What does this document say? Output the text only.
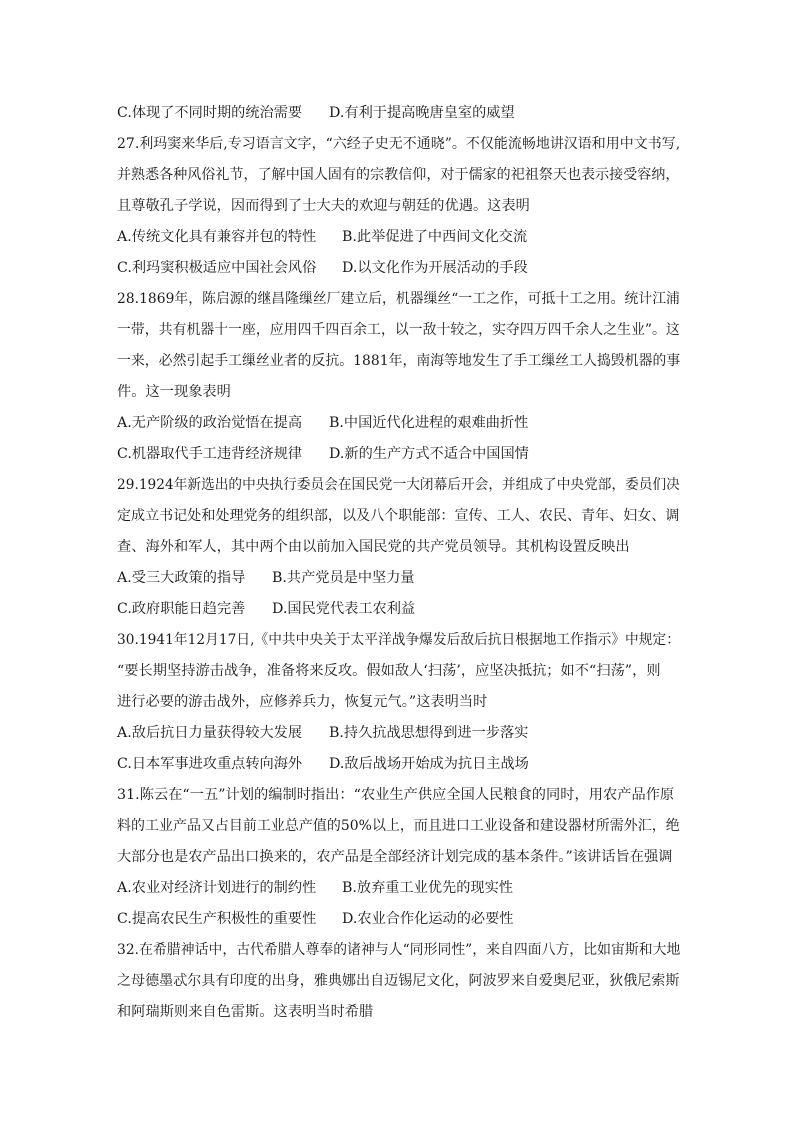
C.体现了不同时期的统治需要 D.有利于提高晚唐皇室的威望
27.利玛窦来华后,专习语言文字，“六经子史无不通晓”。不仅能流畅地讲汉语和用中文书写,
并熟悉各种风俗礼节，了解中国人固有的宗教信仰，对于儒家的祀祖祭天也表示接受容纳，
且尊敬孔子学说，因而得到了士大夫的欢迎与朝廷的优遇。这表明
A.传统文化具有兼容并包的特性 B.此举促进了中西间文化交流
C.利玛窦积极适应中国社会风俗 D.以文化作为开展活动的手段
28.1869年，陈启源的继昌隆缫丝厂建立后，机器缫丝“一工之作，可抵十工之用。统计江浦
一带，共有机器十一座，应用四千四百余工，以一敌十较之，实夺四万四千余人之生业”。这
一来，必然引起手工缫丝业者的反抗。1881年，南海等地发生了手工缫丝工人捣毁机器的事
件。这一现象表明
A.无产阶级的政治觉悟在提高 B.中国近代化进程的艰难曲折性
C.机器取代手工违背经济规律 D.新的生产方式不适合中国国情
29.1924年新选出的中央执行委员会在国民党一大闭幕后开会，并组成了中央党部，委员们决
定成立书记处和处理党务的组织部，以及八个职能部：宣传、工人、农民、青年、妇女、调
查、海外和军人，其中两个由以前加入国民党的共产党员领导。其机构设置反映出
A.受三大政策的指导 B.共产党员是中坚力量
C.政府职能日趋完善 D.国民党代表工农利益
30.1941年12月17日,《中共中央关于太平洋战争爆发后敌后抗日根据地工作指示》中规定：
“要长期坚持游击战争，准备将来反攻。假如敌人‘扫荡’，应坚决抵抗；如不“扫荡”，则
进行必要的游击战外，应修养兵力，恢复元气。”这表明当时
A.敌后抗日力量获得较大发展 B.持久抗战思想得到进一步落实
C.日本军事进攻重点转向海外 D.敌后战场开始成为抗日主战场
31.陈云在“一五”计划的编制时指出：“农业生产供应全国人民粮食的同时，用农产品作原
料的工业产品又占目前工业总产值的50%以上，而且进口工业设备和建设器材所需外汇，绝
大部分也是农产品出口换来的，农产品是全部经济计划完成的基本条件。”该讲话旨在强调
A.农业对经济计划进行的制约性 B.放弃重工业优先的现实性
C.提高农民生产积极性的重要性 D.农业合作化运动的必要性
32.在希腊神话中，古代希腊人尊奉的诸神与人“同形同性”，来自四面八方，比如宙斯和大地
之母德墨忒尔具有印度的出身，雅典娜出自迈锡尼文化，阿波罗来自爱奥尼亚，狄俄尼索斯
和阿瑞斯则来自色雷斯。这表明当时希腊
